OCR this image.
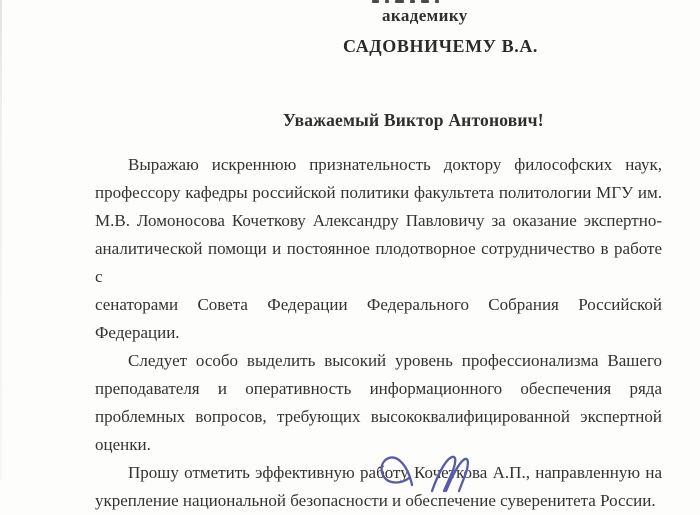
академику
САДОВНИЧЕМУ В.А.
Уважаемый Виктор Антонович!
Выражаю искреннюю признательность доктору философских наук,
профессору кафедры российской политики факультета политологии МГУ им.
М.В. Ломоносова Кочеткову Александру Павловичу за оказание экспертно-
аналитической помощи и постоянное плодотворное сотрудничество в работе с
сенаторами Совета Федерации Федерального Собрания Российской Федерации.
Следует особо выделить высокий уровень профессионализма Вашего
преподавателя и оперативность информационного обеспечения ряда
проблемных вопросов, требующих высококвалифицированной экспертной
оценки.
Прошу отметить эффективную работу Кочеткова А.П., направленную на
укрепление национальной безопасности и обеспечение суверенитета России.
